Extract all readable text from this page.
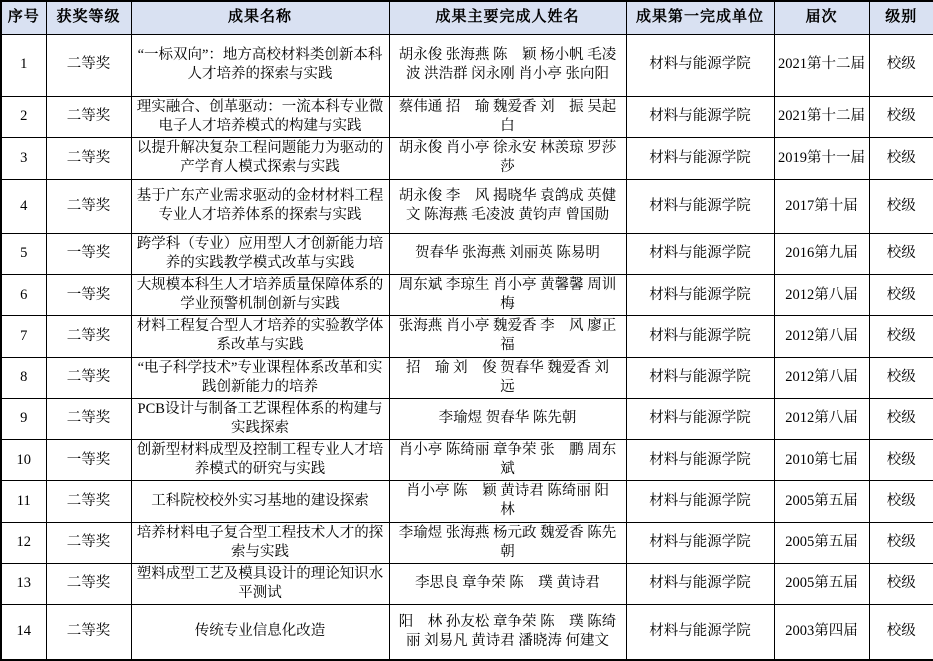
序号	获奖等级	成果名称	成果主要完成人姓名	成果第一完成单位	届次	级别
1	二等奖	“一标双向”：地方高校材料类创新本科人才培养的探索与实践	胡永俊 张海燕 陈　颖 杨小帆 毛凌波 洪浩群 闵永刚 肖小亭 张向阳	材料与能源学院	2021第十二届	校级
2	二等奖	理实融合、创革驱动：一流本科专业微电子人才培养模式的构建与实践	蔡伟通 招　瑜 魏爱香 刘　振 吴起白	材料与能源学院	2021第十二届	校级
3	二等奖	以提升解决复杂工程问题能力为驱动的产学育人模式探索与实践	胡永俊 肖小亭 徐永安 林羡琼 罗莎莎	材料与能源学院	2019第十一届	校级
4	二等奖	基于广东产业需求驱动的金材材料工程专业人才培养体系的探索与实践	胡永俊 李　风 揭晓华 袁鸽成 英健文 陈海燕 毛凌波 黄钧声 曾国勋	材料与能源学院	2017第十届	校级
5	一等奖	跨学科（专业）应用型人才创新能力培养的实践教学模式改革与实践	贺春华 张海燕 刘丽英 陈易明	材料与能源学院	2016第九届	校级
6	一等奖	大规模本科生人才培养质量保障体系的学业预警机制创新与实践	周东斌 李琼生 肖小亭 黄馨馨 周训梅	材料与能源学院	2012第八届	校级
7	二等奖	材料工程复合型人才培养的实验教学体系改革与实践	张海燕 肖小亭 魏爱香 李　风 廖正福	材料与能源学院	2012第八届	校级
8	二等奖	“电子科学技术”专业课程体系改革和实践创新能力的培养	招　瑜 刘　俊 贺春华 魏爱香 刘　远	材料与能源学院	2012第八届	校级
9	二等奖	PCB设计与制备工艺课程体系的构建与实践探索	李瑜煜 贺春华 陈先朝	材料与能源学院	2012第八届	校级
10	一等奖	创新型材料成型及控制工程专业人才培养模式的研究与实践	肖小亭 陈绮丽 章争荣 张　鹏 周东斌	材料与能源学院	2010第七届	校级
11	二等奖	工科院校校外实习基地的建设探索	肖小亭 陈　颖 黄诗君 陈绮丽 阳　林	材料与能源学院	2005第五届	校级
12	二等奖	培养材料电子复合型工程技术人才的探索与实践	李瑜煜 张海燕 杨元政 魏爱香 陈先朝	材料与能源学院	2005第五届	校级
13	二等奖	塑料成型工艺及模具设计的理论知识水平测试	李思良 章争荣 陈　璞 黄诗君	材料与能源学院	2005第五届	校级
14	二等奖	传统专业信息化改造	阳　林 孙友松 章争荣 陈　璞 陈绮丽 刘易凡 黄诗君 潘晓涛 何建文	材料与能源学院	2003第四届	校级
